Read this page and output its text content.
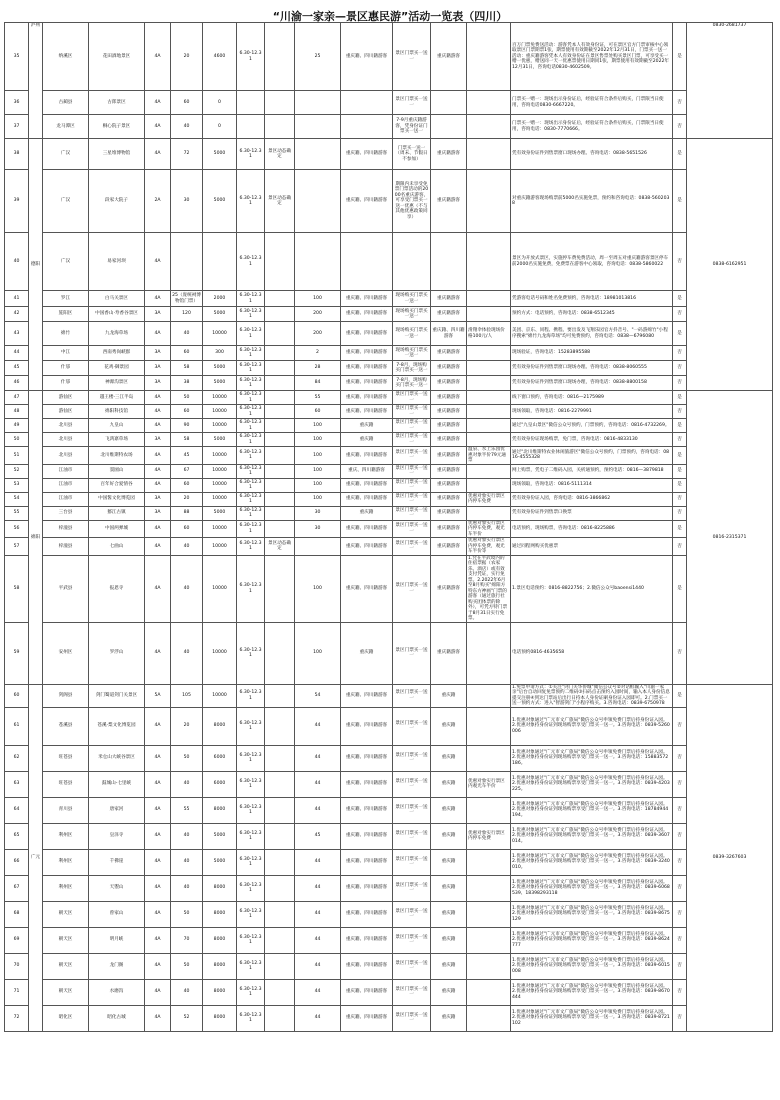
“川渝一家亲—景区惠民游”活动一览表（四川）
35	泸州	纳溪区	花田酒地景区	4A	20	4600	6.30-12.31		25	重庆籍、四川籍游客	景区门票买一送一	重庆籍游客		百万门票免费送活动：游客凭本人有效身份证，可在景区官方门票审核中心领取景区门票期票1张，期票使用有效期截至2022年12月31日，门票买一送一活动：重庆籍游客凭本人有效身份证在景区售票处购买景区门票，可享受买一赠一优惠，赠送同一天一优惠票使用日期同1张，期票使用有效期截至2022年12月31日，咨询电话0830-4602509。	是	0830-2681737
36		古蔺县	古郎景区	4A	60	0					景区门票买一送一			门票买一赠一：现场出示身份证后，经验证符合条件后购买，门票限当日使用，咨询电话0830-6667220。	否	
37		龙马潭区	桐心院子景区	4A	40	0					7-9月重庆籍游客，凭身份证门票买一送一			门票买一赠一：现场出示身份证后，经验证符合条件后购买，门票限当日使用，咨询电话：0830-7770666。	否	
38	德阳	广汉	三星堆博物馆	4A	72	5000	6.30-12.31	景区动态确定		重庆籍、四川籍游客	门票买一送一（周末、节假日不参加）	重庆籍游客		凭有效身份证件到售票窗口现场办理。咨询电话：0838-5651526	是	0838-6162951
39		广汉	段家大院子	2A	30	5000	6.30-12.31	景区动态确定		重庆籍、四川籍游客	期限内未享受免票门票活动的2000名重庆游客，可享受门票买一送一优惠（不与其他优惠政策同享）	重庆籍游客		对重庆籍游客现场购票前5000名实施免票，预约和咨询电话：0838-5602038	是	
40		广汉	易家河坝	4A			6.30-12.31							景区为开放式景区，实施停车费免费活动，周一至周五对重庆籍游客景区停车前2000名实施免费，免费票在游客中心领取，咨询电话：0838-5860022	否	
41		罗江	白马关景区	4A	25（庞统祠博物馆门票）	2000	6.30-12.31		100	重庆籍、四川籍游客	现场购买门票买一送一	重庆籍游客		凭游客电话号码和姓名免费预约，咨询电话：18981013816	是	
42		旌阳区	中国香山·寿香谷景区	3A	120	5000	6.30-12.31		200	重庆籍、四川籍游客	现场购买门票买一送一	重庆籍游客		预约方式：电话预约，咨询电话：0838-6512345	否	
43		绵竹	九龙海草场	4A	40	10000	6.30-12.31		200	重庆籍、四川籍游客	现场购买门票买一送一	重庆籍、四川籍游客	滑翔伞体验现场价格100元/人	美团、京东、同程、携程、要出发及飞翔乐园官方抖音号、"一码游绵竹"小程序搜索"绵竹九龙海草场"均可免费预约，咨询电话：0838—6796080	是	
44		中江	西南秀岗峡群	3A	60	300	6.30-12.31		2	重庆籍、四川籍游客	现场购买门票买一送一	重庆籍游客		现场验证，咨询电话：15283895588	否	
45		什邡	花鸡·御景园	3A	58	5000	6.30-12.31		28	重庆籍、四川籍游客	7-8月，现场购买门票买一送一	重庆籍游客		凭有效身份证件到售票窗口现场办理。咨询电话：0838-8060555	否	
46		什邡	神瀑沟景区	3A	38	5000	6.30-12.31		84	重庆籍、四川籍游客	7-8月，现场购买门票买一送一	重庆籍游客		凭有效身份证件到售票窗口现场办理，咨询电话：0838-8800158	否	
47	绵阳	游仙区	越王楼·三江半岛	4A	50	10000	6.30-12.31		55	重庆籍、四川籍游客	景区门票买一送一	重庆籍游客		线下窗口预约，咨询电话：0816—2175989	是	0816-2315371
48		游仙区	绵阳科技馆	4A	60	10000	6.30-12.31		60	重庆籍、四川籍游客	景区门票买一送一	重庆籍游客		现场领取，咨询电话：0816-2279991	否	
49		北川县	九皇山	4A	90	10000	6.30-12.31		100	重庆籍	景区门票买一送一	重庆籍游客		通过"九皇山景区"微信公众号预约，门票预约，咨询电话：0816-4732269。	是	
50		北川县	飞鸿寨草场	3A	58	5000	6.30-12.31		100	重庆籍	景区门票买一送一	重庆籍游客		凭有效身份证现场购票，免门票，咨询电话：0816-4833130	否	
51		北川县	北川维斯特农场	4A	45	10000	6.30-12.31		100	重庆籍、四川籍游客	景区门票买一送一	重庆籍游客	温泉、水上乐园优惠对象半价79元通票	通过"北川维斯特农业休闲旅游区"微信公众号预约，门票预约，咨询电话：0816-4555328	是	
52		江油市	窦圌山	4A	67	10000	6.30-12.31		100	重庆、四川籍游客	景区门票买一送一	重庆籍游客		网上购票，凭电子二维码入园，关析通预约，预约电话：0816—3879818	是	
53		江油市	百年好合爱情谷	4A	60	10000	6.30-12.31		100	重庆籍、四川籍游客	景区门票买一送一	重庆籍游客		现场领取，咨询电话：0816-5111314	是	
54		江油市	中国酱文化博览园	3A	20	10000	6.30-12.31		100	重庆籍、四川籍游客	景区门票买一送一	重庆籍游客	优惠对象实行景区内停车免费	凭有效身份证入园，咨询电话：0816-3866862	否	
55		三台县	郪江古镇	3A	88	5000	6.30-12.31		30	重庆籍	景区门票买一送一	重庆籍游客		凭有效身份证件到售票口换票	否	
56		梓潼县	中国两弹城	4A	60	10000	6.30-12.31		30	重庆籍、四川籍游客	景区门票买一送一	重庆籍游客	优惠对象实行景区内停车免费，观光车半价	电话预约，现场购票，咨询电话：0816-8225886	是	
57		梓潼县	七曲山	4A	40	10000	6.30-12.31	景区动态确定		重庆籍、四川籍游客	景区门票买一送一	重庆籍游客	优惠对象实行景区内停车免费，观光车半价等	通过同程网购买优惠票	否	
58		平武县	报恩寺	4A	40	10000	6.30-12.31		100	重庆籍、四川籍游客	景区门票买一送一	重庆籍游客	1.凭在平武境内的住宿票据（农家乐、酒店）或有效支付凭证，实行免票。2.2022年6月至8月购买"绵阳方特东方神画"门票的游客（通过旅行社购买团体票的除外），可凭方特门票于8月31日实行免票。	1.景区电话预约：0816-8822756；2.微信公众号baoensi1440	是	
59		安州区	罗浮山	4A	40	10000	6.30-12.31		100	重庆籍	景区门票买一送一	重庆籍游客		电话预约0816-4635658	否	
60	广元	剑阁县	剑门蜀道剑门关景区	5A	105	10000	6.30-12.31		54	重庆籍、四川籍游客	景区门票买一送一	重庆籍		1.免票申请方式：①关注"剑门关华侨城"微信公众号②对话框输入"川渝一家亲"后台自动回复免票预约二维码③扫码点击预约入园时间，输入本人身份信息提交注册④到达门票站后出行日持本人身份证刷身份证入园即可。2.门票买一送一预约方式：进入"智游剑门"小程序购买。3.咨询电话：0839-6750978	是	0839-3267603
61		苍溪县	苍溪·梨文化博览园	4A	20	8000	6.30-12.31		44	重庆籍、四川籍游客	景区门票买一送一	重庆籍		1.优惠对象通过"广元市文广旅局"微信公众号申领免费门票后持身份证入园。2.优惠对象持身份证到现场购票享受门票买一送一。3.咨询电话：0839-5260006	否	
62		旺苍县	米仓山大峡谷景区	4A	50	6000	6.30-12.31		44	重庆籍、四川籍游客	景区门票买一送一	重庆籍		1.优惠对象通过"广元市文广旅局"微信公众号申领免费门票后持身份证入园。2.优惠对象持身份证到现场购票享受门票买一送一。3.咨询电话：15883572186。	否	
63		旺苍县	鼓城山-七里峡	4A	40	6000	6.30-12.31		44	重庆籍、四川籍游客	景区门票买一送一	重庆籍	优惠对象实行景区内观光车半价	1.优惠对象通过"广元市文广旅局"微信公众号申领免费门票后持身份证入园。2.优惠对象持身份证到现场购票享受门票买一送一。3.咨询电话：0839-4203225。	否	
64		青川县	唐家河	4A	55	8000	6.30-12.31		44	重庆籍、四川籍游客	景区门票买一送一	重庆籍		1.优惠对象通过"广元市文广旅局"微信公众号申领免费门票后持身份证入园。2.优惠对象持身份证到现场购票享受门票买一送一。3.咨询电话：18784944194。	否	
65		利州区	皇泽寺	4A	40	5000	6.30-12.31		45	重庆籍、四川籍游客	景区门票买一送一	重庆籍	优惠对象实行景区内停车免费	1.优惠对象通过"广元市文广旅局"微信公众号申领免费门票后持身份证入园。2.优惠对象持身份证到现场购票享受门票买一送一。3.咨询电话：0839-3607014。	否	
66		利州区	千佛崖	4A	40	5000	6.30-12.31		44	重庆籍、四川籍游客	景区门票买一送一	重庆籍		1.优惠对象通过"广元市文广旅局"微信公众号申领免费门票后持身份证入园。2.优惠对象持身份证到现场购票享受门票买一送一。3.咨询电话：0839-3240010。	否	
67		利州区	天曌山	4A	40	8000	6.30-12.31		44	重庆籍、四川籍游客	景区门票买一送一	重庆籍		1.优惠对象通过"广元市文广旅局"微信公众号申领免费门票后持身份证入园。2.优惠对象持身份证到现场购票享受门票买一送一。3.咨询电话：0839-6068539、18398293118	否	
68		朝天区	曾家山	4A	50	8000	6.30-12.31		44	重庆籍、四川籍游客	景区门票买一送一	重庆籍		1.优惠对象通过"广元市文广旅局"微信公众号申领免费门票后持身份证入园。2.优惠对象持身份证到现场购票享受门票买一送一。3.咨询电话：0839-8675129	否	
69		朝天区	明月峡	4A	70	8000	6.30-12.31		44	重庆籍、四川籍游客	景区门票买一送一	重庆籍		1.优惠对象通过"广元市文广旅局"微信公众号申领免费门票后持身份证入园。2.优惠对象持身份证到现场购票享受门票买一送一。3.咨询电话：0839-8624777	否	
70		朝天区	龙门阁	4A	50	8000	6.30-12.31		44	重庆籍、四川籍游客	景区门票买一送一	重庆籍		1.优惠对象通过"广元市文广旅局"微信公众号申领免费门票后持身份证入园。2.优惠对象持身份证到现场购票享受门票买一送一。3.咨询电话：0839-6015008	否	
71		朝天区	水磨沟	4A	40	8000	6.30-12.31		44	重庆籍、四川籍游客	景区门票买一送一	重庆籍		1.优惠对象通过"广元市文广旅局"微信公众号申领免费门票后持身份证入园。2.优惠对象持身份证到现场购票享受门票买一送一。3.咨询电话：0839-8670444	否	
72		昭化区	昭化古城	4A	52	8000	6.30-12.31		44	重庆籍、四川籍游客	景区门票买一送一	重庆籍		1.优惠对象通过"广元市文广旅局"微信公众号申领免费门票后持身份证入园。2.优惠对象持身份证到现场购票享受门票买一送一。3.咨询电话：0839-8721102	否	
